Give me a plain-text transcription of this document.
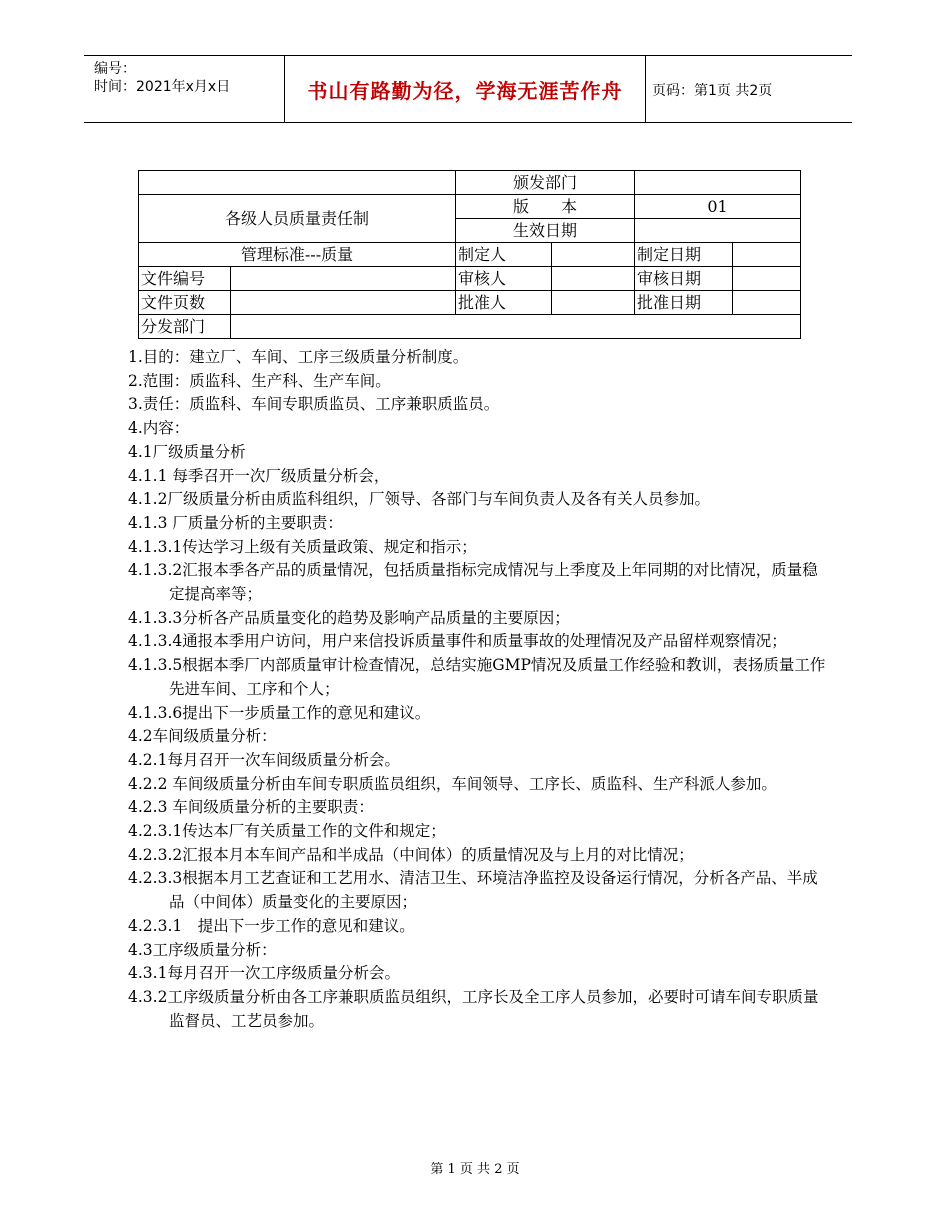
编号：
时间：2021年x月x日	书山有路勤为径，学海无涯苦作舟 页码：第1页 共2页
		颁发部门			
各级人员质量责任制		版　　本		01	
		生效日期			
管理标准---质量		制定人		制定日期	
文件编号		审核人		审核日期	
文件页数		批准人		批准日期	
分发部门					

1.目的：建立厂、车间、工序三级质量分析制度。

2.范围：质监科、生产科、生产车间。

3.责任：质监科、车间专职质监员、工序兼职质监员。

4.内容：

4.1厂级质量分析

4.1.1 每季召开一次厂级质量分析会，

4.1.2厂级质量分析由质监科组织，厂领导、各部门与车间负责人及各有关人员参加。

4.1.3 厂质量分析的主要职责：

4.1.3.1传达学习上级有关质量政策、规定和指示；

4.1.3.2汇报本季各产品的质量情况，包括质量指标完成情况与上季度及上年同期的对比情况，质量稳定提高率等；

4.1.3.3分析各产品质量变化的趋势及影响产品质量的主要原因；

4.1.3.4通报本季用户访问，用户来信投诉质量事件和质量事故的处理情况及产品留样观察情况；

4.1.3.5根据本季厂内部质量审计检查情况，总结实施GMP情况及质量工作经验和教训，表扬质量工作先进车间、工序和个人；

4.1.3.6提出下一步质量工作的意见和建议。

4.2车间级质量分析：

4.2.1每月召开一次车间级质量分析会。

4.2.2 车间级质量分析由车间专职质监员组织，车间领导、工序长、质监科、生产科派人参加。

4.2.3 车间级质量分析的主要职责：

4.2.3.1传达本厂有关质量工作的文件和规定；

4.2.3.2汇报本月本车间产品和半成品（中间体）的质量情况及与上月的对比情况；

4.2.3.3根据本月工艺查证和工艺用水、清洁卫生、环境洁净监控及设备运行情况，分析各产品、半成品（中间体）质量变化的主要原因；

4.2.3.1　提出下一步工作的意见和建议。

4.3工序级质量分析：

4.3.1每月召开一次工序级质量分析会。

4.3.2工序级质量分析由各工序兼职质监员组织，工序长及全工序人员参加，必要时可请车间专职质量监督员、工艺员参加。

第 1 页 共 2 页
